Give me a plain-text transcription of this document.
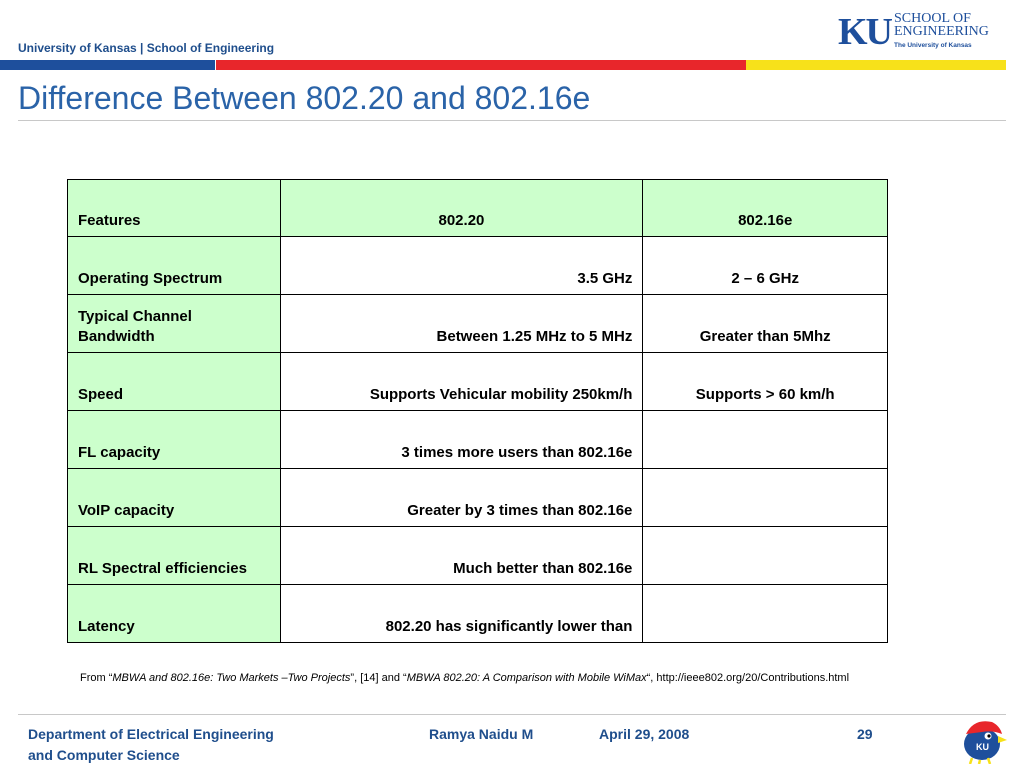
University of Kansas | School of Engineering	KU SCHOOL OF
ENGINEERING
The University of Kansas
Difference Between 802.20 and 802.16e
Features	802.20	802.16e
Operating Spectrum	3.5 GHz	2 – 6 GHz
Typical Channel Bandwidth	Between 1.25 MHz to 5 MHz	Greater than 5Mhz
Speed	Supports Vehicular mobility 250km/h	Supports > 60 km/h
FL capacity	3 times more users than 802.16e	
VoIP capacity	Greater by 3 times than 802.16e	
RL Spectral efficiencies	Much better than 802.16e	
Latency	802.20 has significantly lower than	
From “MBWA and 802.16e: Two Markets –Two Projects”, [14] and “MBWA 802.20: A Comparison with Mobile WiMax“, http://ieee802.org/20/Contributions.html
Department of Electrical Engineering
and Computer Science
Ramya Naidu M	April 29, 2008	29
KU
